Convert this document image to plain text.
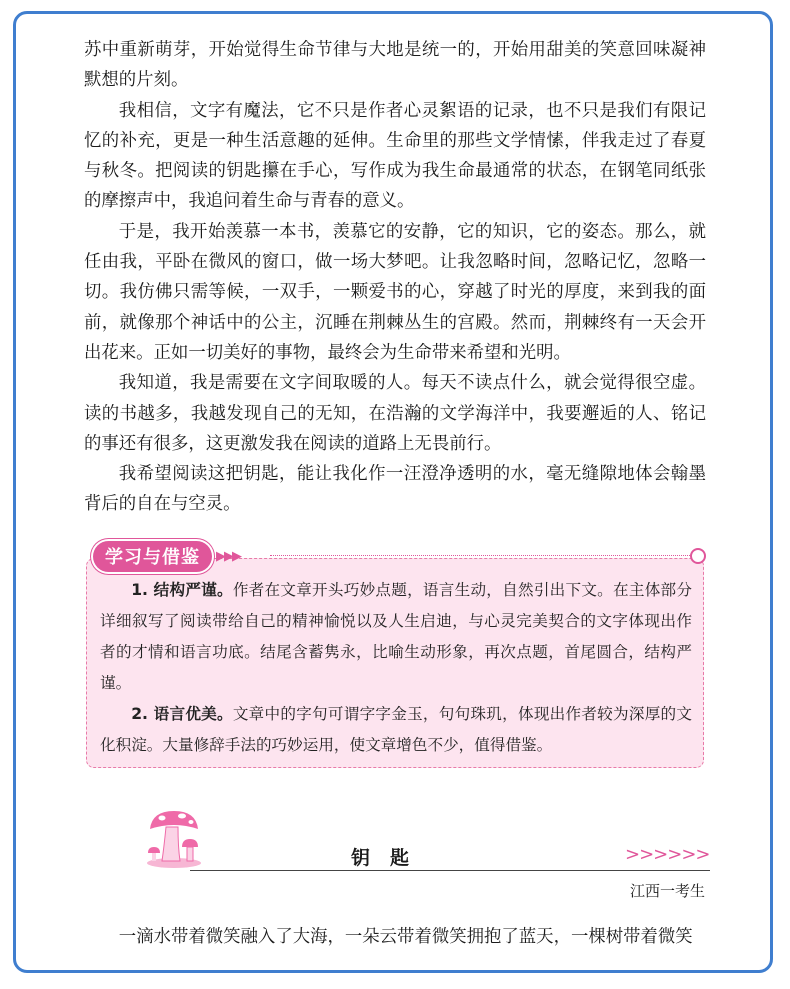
苏中重新萌芽，开始觉得生命节律与大地是统一的，开始用甜美的笑意回味凝神默想的片刻。

我相信，文字有魔法，它不只是作者心灵絮语的记录，也不只是我们有限记忆的补充，更是一种生活意趣的延伸。生命里的那些文学情愫，伴我走过了春夏与秋冬。把阅读的钥匙攥在手心，写作成为我生命最通常的状态，在钢笔同纸张的摩擦声中，我追问着生命与青春的意义。

于是，我开始羡慕一本书，羡慕它的安静，它的知识，它的姿态。那么，就任由我，平卧在微风的窗口，做一场大梦吧。让我忽略时间，忽略记忆，忽略一切。我仿佛只需等候，一双手，一颗爱书的心，穿越了时光的厚度，来到我的面前，就像那个神话中的公主，沉睡在荆棘丛生的宫殿。然而，荆棘终有一天会开出花来。正如一切美好的事物，最终会为生命带来希望和光明。

我知道，我是需要在文字间取暖的人。每天不读点什么，就会觉得很空虚。读的书越多，我越发现自己的无知，在浩瀚的文学海洋中，我要邂逅的人、铭记的事还有很多，这更激发我在阅读的道路上无畏前行。

我希望阅读这把钥匙，能让我化作一汪澄净透明的水，毫无缝隙地体会翰墨背后的自在与空灵。

学习与借鉴	▶▶▶

1. 结构严谨。作者在文章开头巧妙点题，语言生动，自然引出下文。在主体部分详细叙写了阅读带给自己的精神愉悦以及人生启迪，与心灵完美契合的文字体现出作者的才情和语言功底。结尾含蓄隽永，比喻生动形象，再次点题，首尾圆合，结构严谨。

2. 语言优美。文章中的字句可谓字字金玉，句句珠玑，体现出作者较为深厚的文化积淀。大量修辞手法的巧妙运用，使文章增色不少，值得借鉴。

钥匙	>>>>>>
江西一考生
一滴水带着微笑融入了大海，一朵云带着微笑拥抱了蓝天，一棵树带着微笑
